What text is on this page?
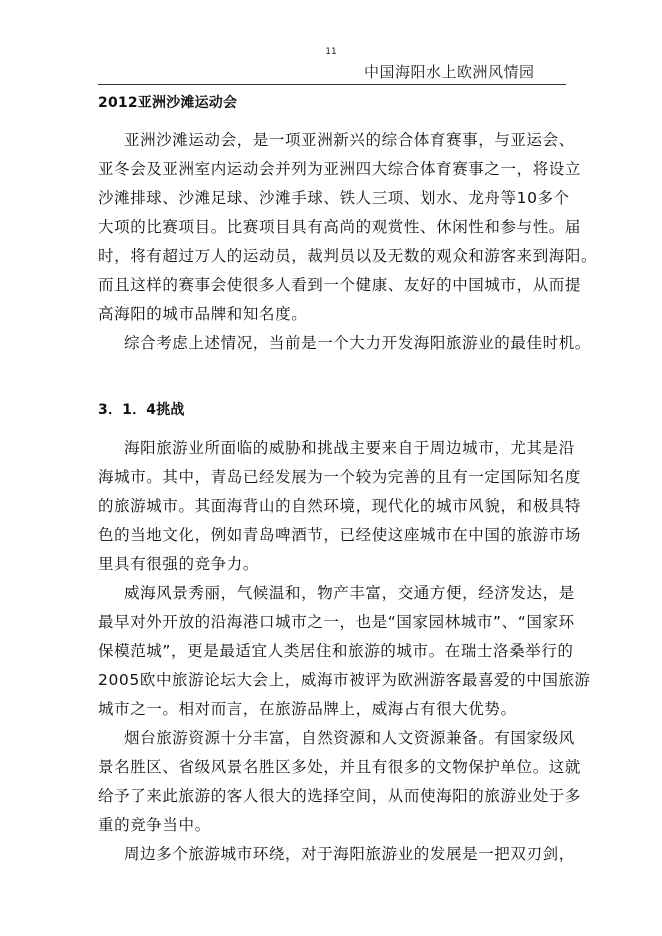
11
中国海阳水上欧洲风情园
2012亚洲沙滩运动会
亚洲沙滩运动会，是一项亚洲新兴的综合体育赛事，与亚运会、
亚冬会及亚洲室内运动会并列为亚洲四大综合体育赛事之一，将设立
沙滩排球、沙滩足球、沙滩手球、铁人三项、划水、龙舟等10多个
大项的比赛项目。比赛项目具有高尚的观赏性、休闲性和参与性。届
时，将有超过万人的运动员，裁判员以及无数的观众和游客来到海阳。
而且这样的赛事会使很多人看到一个健康、友好的中国城市，从而提
高海阳的城市品牌和知名度。
综合考虑上述情况，当前是一个大力开发海阳旅游业的最佳时机。
3．1．4挑战
海阳旅游业所面临的威胁和挑战主要来自于周边城市，尤其是沿
海城市。其中，青岛已经发展为一个较为完善的且有一定国际知名度
的旅游城市。其面海背山的自然环境，现代化的城市风貌，和极具特
色的当地文化，例如青岛啤酒节，已经使这座城市在中国的旅游市场
里具有很强的竞争力。
威海风景秀丽，气候温和，物产丰富，交通方便，经济发达，是
最早对外开放的沿海港口城市之一，也是“国家园林城市”、“国家环
保模范城”，更是最适宜人类居住和旅游的城市。在瑞士洛桑举行的
2005欧中旅游论坛大会上，威海市被评为欧洲游客最喜爱的中国旅游
城市之一。相对而言，在旅游品牌上，威海占有很大优势。
烟台旅游资源十分丰富，自然资源和人文资源兼备。有国家级风
景名胜区、省级风景名胜区多处，并且有很多的文物保护单位。这就
给予了来此旅游的客人很大的选择空间，从而使海阳的旅游业处于多
重的竞争当中。
周边多个旅游城市环绕，对于海阳旅游业的发展是一把双刃剑，
